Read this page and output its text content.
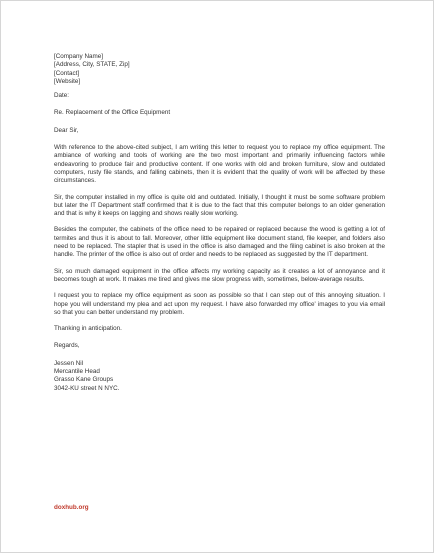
[Company Name]
[Address, City, STATE, Zip]
[Contact]
[Website]
Date:
Re. Replacement of the Office Equipment
Dear Sir,

With reference to the above-cited subject, I am writing this letter to request you to replace my office equipment. The ambiance of working and tools of working are the two most important and primarily influencing factors while endeavoring to produce fair and productive content. If one works with old and broken furniture, slow and outdated computers, rusty file stands, and falling cabinets, then it is evident that the quality of work will be affected by these circumstances.

Sir, the computer installed in my office is quite old and outdated. Initially, I thought it must be some software problem but later the IT Department staff confirmed that it is due to the fact that this computer belongs to an older generation and that is why it keeps on lagging and shows really slow working.

Besides the computer, the cabinets of the office need to be repaired or replaced because the wood is getting a lot of termites and thus it is about to fall. Moreover, other little equipment like document stand, file keeper, and folders also need to be replaced. The stapler that is used in the office is also damaged and the filing cabinet is also broken at the handle. The printer of the office is also out of order and needs to be replaced as suggested by the IT department.

Sir, so much damaged equipment in the office affects my working capacity as it creates a lot of annoyance and it becomes tough at work. It makes me tired and gives me slow progress with, sometimes, below-average results.

I request you to replace my office equipment as soon as possible so that I can step out of this annoying situation. I hope you will understand my plea and act upon my request. I have also forwarded my office' images to you via email so that you can better understand my problem.

Thanking in anticipation.
Regards,
Jessen Nil
Mercantile Head
Grasso Kane Groups
3042-KU street N NYC.
doxhub.org
